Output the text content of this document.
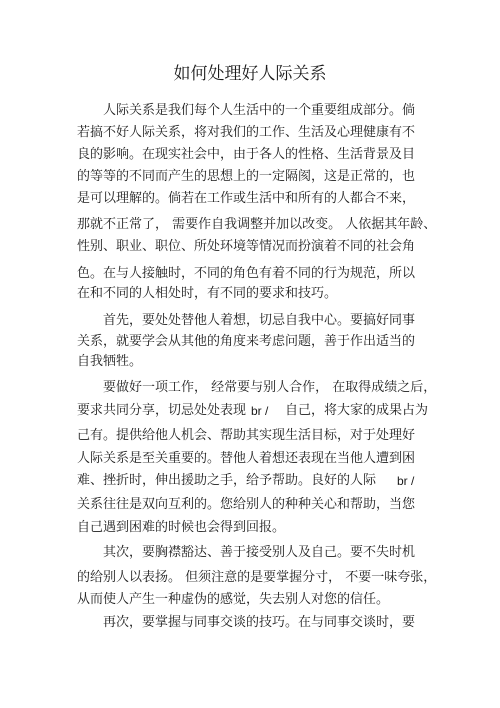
如何处理好人际关系
人际关系是我们每个人生活中的一个重要组成部分。倘
若搞不好人际关系，将对我们的工作、生活及心理健康有不
良的影响。在现实社会中，由于各人的性格、生活背景及目
的等等的不同而产生的思想上的一定隔阂，这是正常的，也
是可以理解的。倘若在工作或生活中和所有的人都合不来，
那就不正常了， 需要作自我调整并加以改变。 人依据其年龄、
性别、职业、职位、所处环境等情况而扮演着不同的社会角
色。在与人接触时，不同的角色有着不同的行为规范，所以
在和不同的人相处时，有不同的要求和技巧。
首先，要处处替他人着想，切忌自我中心。要搞好同事
关系，就要学会从其他的角度来考虑问题，善于作出适当的
自我牺牲。
要做好一项工作， 经常要与别人合作， 在取得成绩之后，
要求共同分享，切忌处处表现 br / 自己，将大家的成果占为
己有。提供给他人机会、帮助其实现生活目标，对于处理好
人际关系是至关重要的。替他人着想还表现在当他人遭到困
难、挫折时，伸出援助之手，给予帮助。良好的人际 br /
关系往往是双向互利的。您给别人的种种关心和帮助，当您
自己遇到困难的时候也会得到回报。
其次，要胸襟豁达、善于接受别人及自己。要不失时机
的给别人以表扬。 但须注意的是要掌握分寸， 不要一味夸张，
从而使人产生一种虚伪的感觉，失去别人对您的信任。
再次，要掌握与同事交谈的技巧。在与同事交谈时，要
